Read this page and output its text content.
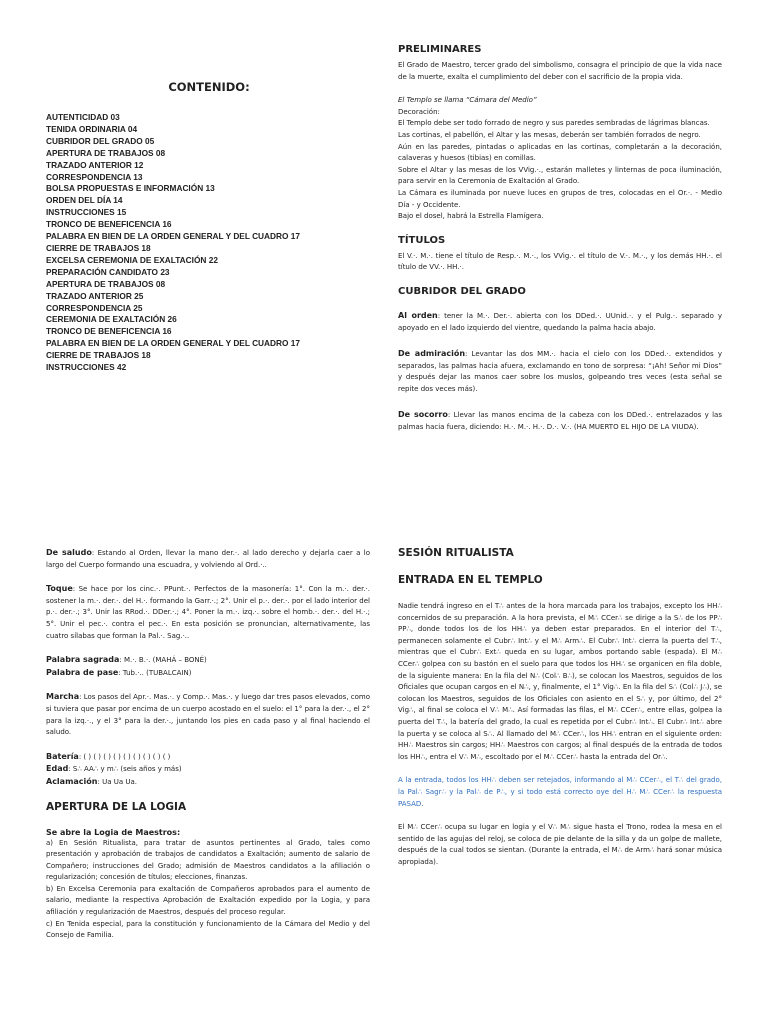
CONTENIDO:
AUTENTICIDAD 03
TENIDA ORDINARIA 04
CUBRIDOR DEL GRADO 05
APERTURA DE TRABAJOS 08
TRAZADO ANTERIOR 12
CORRESPONDENCIA 13
BOLSA PROPUESTAS E INFORMACIÓN 13
ORDEN DEL DÍA 14
INSTRUCCIONES 15
TRONCO DE BENEFICENCIA 16
PALABRA EN BIEN DE LA ORDEN GENERAL Y DEL CUADRO 17
CIERRE DE TRABAJOS 18
EXCELSA CEREMONIA DE EXALTACIÓN 22
PREPARACIÓN CANDIDATO 23
APERTURA DE TRABAJOS 08
TRAZADO ANTERIOR 25
CORRESPONDENCIA 25
CEREMONIA DE EXALTACIÓN 26
TRONCO DE BENEFICENCIA 16
PALABRA EN BIEN DE LA ORDEN GENERAL Y DEL CUADRO 17
CIERRE DE TRABAJOS 18
INSTRUCCIONES 42
PRELIMINARES

El Grado de Maestro, tercer grado del simbolismo, consagra el principio de que la vida nace de la muerte, exalta el cumplimiento del deber con el sacrificio de la propia vida.

El Templo se llama “Cámara del Medio”

Decoración:

El Templo debe ser todo forrado de negro y sus paredes sembradas de lágrimas blancas.

Las cortinas, el pabellón, el Altar y las mesas, deberán ser también forrados de negro.

Aún en las paredes, pintadas o aplicadas en las cortinas, completarán a la decoración, calaveras y huesos (tibias) en comillas.

Sobre el Altar y las mesas de los VVig.·., estarán malletes y linternas de poca iluminación, para servir en la Ceremonia de Exaltación al Grado.

La Cámara es iluminada por nueve luces en grupos de tres, colocadas en el Or.·. - Medio Día - y Occidente.

Bajo el dosel, habrá la Estrella Flamígera.

TÍTULOS

El V.·. M.·. tiene el título de Resp.·. M.·., los VVig.·. el título de V.·. M.·., y los demás HH.·. el título de VV.·. HH.·.

CUBRIDOR DEL GRADO

Al orden: tener la M.·. Der.·. abierta con los DDed.·. UUnid.·. y el Pulg.·. separado y apoyado en el lado izquierdo del vientre, quedando la palma hacia abajo.

De admiración: Levantar las dos MM.·. hacia el cielo con los DDed.·. extendidos y separados, las palmas hacia afuera, exclamando en tono de sorpresa: “¡Ah! Señor mi Dios” y después dejar las manos caer sobre los muslos, golpeando tres veces (esta señal se repite dos veces más).

De socorro: Llevar las manos encima de la cabeza con los DDed.·. entrelazados y las palmas hacia fuera, diciendo: H.·. M.·. H.·. D.·. V.·. (HA MUERTO EL HIJO DE LA VIUDA).

De saludo: Estando al Orden, llevar la mano der.·. al lado derecho y dejarla caer a lo largo del Cuerpo formando una escuadra, y volviendo al Ord.·..

Toque: Se hace por los cinc.·. PPunt.·. Perfectos de la masonería: 1°. Con la m.·. der.·. sostener la m.·. der.·. del H.·. formando la Garr.·.; 2°. Unir el p.·. der.·. por el lado interior del p.·. der.·.; 3°. Unir las RRod.·. DDer.·.; 4°. Poner la m.·. izq.·. sobre el homb.·. der.·. del H.·.; 5°. Unir el pec.·. contra el pec.·. En esta posición se pronuncian, alternativamente, las cuatro sílabas que forman la Pal.·. Sag.·..

Palabra sagrada: M.·. B.·. (MAHÁ – BONÉ)
Palabra de pase: Tub.·.. (TUBALCAIN)

Marcha: Los pasos del Apr.·. Mas.·. y Comp.·. Mas.·. y luego dar tres pasos elevados, como si tuviera que pasar por encima de un cuerpo acostado en el suelo: el 1° para la der.·., el 2° para la izq.·., y el 3° para la der.·., juntando los pies en cada paso y al final haciendo el saludo.

Batería: ( ) ( ) ( ) ( ) ( ) ( ) ( ) ( ) ( )
Edad: S∴ AA∴ y m∴ (seis años y más)
Aclamación: Ua Ua Ua.
APERTURA DE LA LOGIA
Se abre la Logia de Maestros:

a) En Sesión Ritualista, para tratar de asuntos pertinentes al Grado, tales como presentación y aprobación de trabajos de candidatos a Exaltación; aumento de salario de Compañero; instrucciones del Grado; admisión de Maestros candidatos a la afiliación o regularización; concesión de títulos; elecciones, finanzas.

b) En Excelsa Ceremonia para exaltación de Compañeros aprobados para el aumento de salario, mediante la respectiva Aprobación de Exaltación expedido por la Logia, y para afiliación y regularización de Maestros, después del proceso regular.

c) En Tenida especial, para la constitución y funcionamiento de la Cámara del Medio y del Consejo de Familia.

SESIÓN RITUALISTA
ENTRADA EN EL TEMPLO

Nadie tendrá ingreso en el T∴ antes de la hora marcada para los trabajos, excepto los HH∴ concernidos de su preparación. A la hora prevista, el M∴ CCer∴ se dirige a la S∴ de los PP∴ PP∴, donde todos los de los HH∴ ya deben estar preparados. En el interior del T∴, permanecen solamente el Cubr∴ Int∴ y el M∴ Arm∴. El Cubr∴ Int∴ cierra la puerta del T∴, mientras que el Cubr∴ Ext∴ queda en su lugar, ambos portando sable (espada). El M∴ CCer∴ golpea con su bastón en el suelo para que todos los HH∴ se organicen en fila doble, de la siguiente manera: En la fila del N∴ (Col∴ B∴), se colocan los Maestros, seguidos de los Oficiales que ocupan cargos en el N∴, y, finalmente, el 1° Vig∴. En la fila del S∴ (Col∴ J∴), se colocan los Maestros, seguidos de los Oficiales con asiento en el S∴ y, por último, del 2° Vig∴, al final se coloca el V∴ M∴. Así formadas las filas, el M∴ CCer∴, entre ellas, golpea la puerta del T∴, la batería del grado, la cual es repetida por el Cubr∴ Int∴. El Cubr∴ Int∴ abre la puerta y se coloca al S∴. Al llamado del M∴ CCer∴, los HH∴ entran en el siguiente orden: HH∴ Maestros sin cargos; HH∴ Maestros con cargos; al final después de la entrada de todos los HH∴, entra el V∴ M∴, escoltado por el M∴ CCer∴ hasta la entrada del Or∴.

A la entrada, todos los HH∴ deben ser retejados, informando al M∴ CCer∴, el T∴ del grado, la Pal∴ Sagr∴ y la Pal∴ de P∴, y si todo está correcto oye del H∴ M∴ CCer∴ la respuesta PASAD.

El M∴ CCer∴ ocupa su lugar en logia y el V∴ M∴ sigue hasta el Trono, rodea la mesa en el sentido de las agujas del reloj, se coloca de pie delante de la silla y da un golpe de mallete, después de la cual todos se sientan. (Durante la entrada, el M∴ de Arm∴ hará sonar música apropiada).
